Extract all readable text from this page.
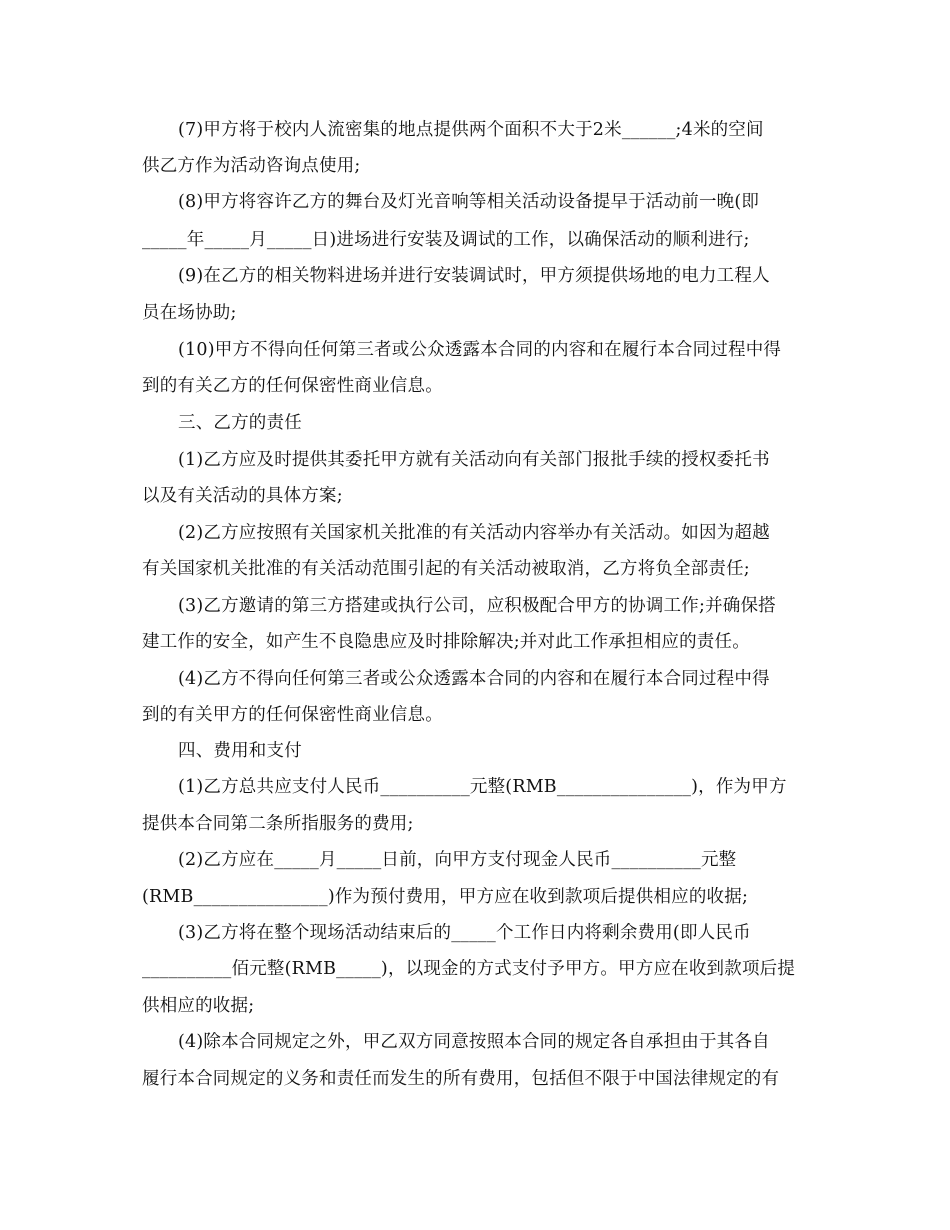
(7)甲方将于校内人流密集的地点提供两个面积不大于2米______;4米的空间
供乙方作为活动咨询点使用;
(8)甲方将容许乙方的舞台及灯光音响等相关活动设备提早于活动前一晚(即
_____年_____月_____日)进场进行安装及调试的工作，以确保活动的顺利进行;
(9)在乙方的相关物料进场并进行安装调试时，甲方须提供场地的电力工程人
员在场协助;
(10)甲方不得向任何第三者或公众透露本合同的内容和在履行本合同过程中得
到的有关乙方的任何保密性商业信息。
三、乙方的责任
(1)乙方应及时提供其委托甲方就有关活动向有关部门报批手续的授权委托书
以及有关活动的具体方案;
(2)乙方应按照有关国家机关批准的有关活动内容举办有关活动。如因为超越
有关国家机关批准的有关活动范围引起的有关活动被取消，乙方将负全部责任;
(3)乙方邀请的第三方搭建或执行公司，应积极配合甲方的协调工作;并确保搭
建工作的安全，如产生不良隐患应及时排除解决;并对此工作承担相应的责任。
(4)乙方不得向任何第三者或公众透露本合同的内容和在履行本合同过程中得
到的有关甲方的任何保密性商业信息。
四、费用和支付
(1)乙方总共应支付人民币__________元整(RMB_______________)，作为甲方
提供本合同第二条所指服务的费用;
(2)乙方应在_____月_____日前，向甲方支付现金人民币__________元整
(RMB_______________)作为预付费用，甲方应在收到款项后提供相应的收据;
(3)乙方将在整个现场活动结束后的_____个工作日内将剩余费用(即人民币
__________佰元整(RMB_____)，以现金的方式支付予甲方。甲方应在收到款项后提
供相应的收据;
(4)除本合同规定之外，甲乙双方同意按照本合同的规定各自承担由于其各自
履行本合同规定的义务和责任而发生的所有费用，包括但不限于中国法律规定的有
